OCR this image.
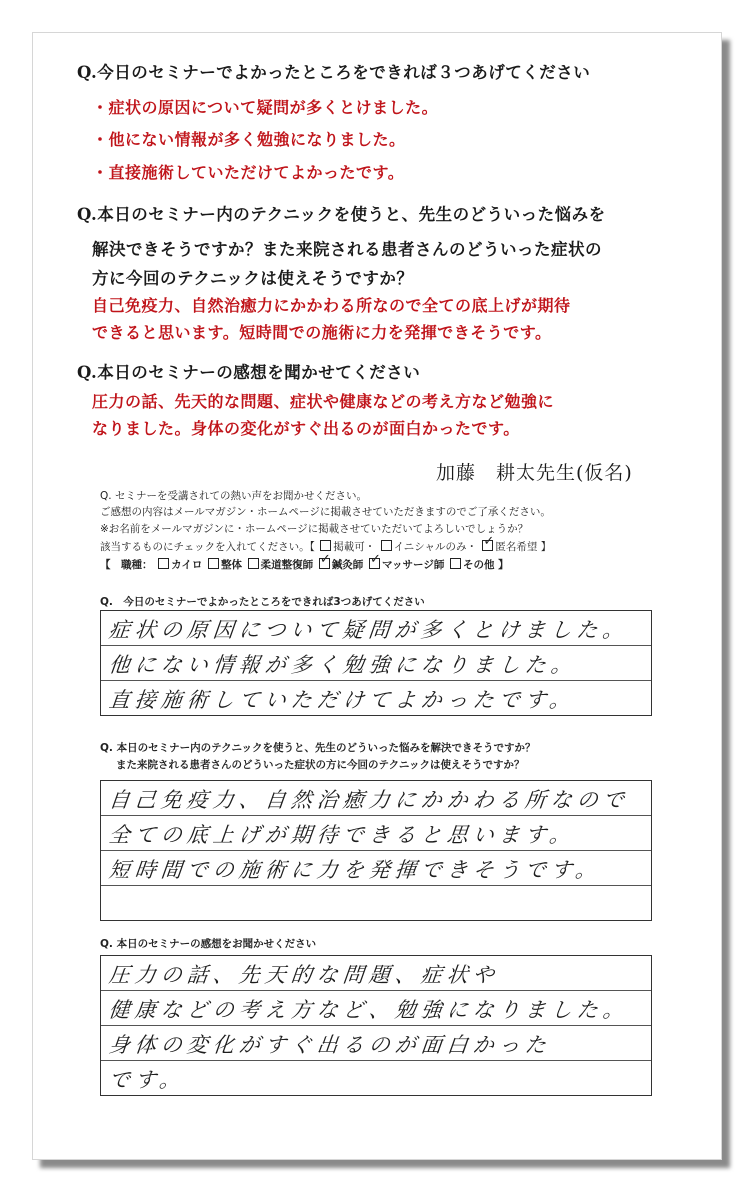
Q.今日のセミナーでよかったところをできれば３つあげてください
・症状の原因について疑問が多くとけました。
・他にない情報が多く勉強になりました。
・直接施術していただけてよかったです。
Q.本日のセミナー内のテクニックを使うと、先生のどういった悩みを
解決できそうですか？また来院される患者さんのどういった症状の
方に今回のテクニックは使えそうですか？
自己免疫力、自然治癒力にかかわる所なので全ての底上げが期待
できると思います。短時間での施術に力を発揮できそうです。
Q.本日のセミナーの感想を聞かせてください
圧力の話、先天的な問題、症状や健康などの考え方など勉強に
なりました。身体の変化がすぐ出るのが面白かったです。
加藤　耕太先生(仮名)
Q. セミナーを受講されての熱い声をお聞かせください。
ご感想の内容はメールマガジン・ホームページに掲載させていただきますのでご了承ください。
※お名前をメールマガジンに・ホームページに掲載させていただいてよろしいでしょうか？
該当するものにチェックを入れてください。【 掲載可・ イニシャルのみ・ ✓ 匿名希望 】
【　職種： カイロ 整体 柔道整復師 ✓ 鍼灸師 ✓ マッサージ師 その他 】
Q.　今日のセミナーでよかったところをできれば3つあげてください
症状の原因について疑問が多くとけました。
他にない情報が多く勉強になりました。
直接施術していただけてよかったです。
Q. 本日のセミナー内のテクニックを使うと、先生のどういった悩みを解決できそうですか？
また来院される患者さんのどういった症状の方に今回のテクニックは使えそうですか？
自己免疫力、自然治癒力にかかわる所なので
全ての底上げが期待できると思います。
短時間での施術に力を発揮できそうです。
Q. 本日のセミナーの感想をお聞かせください
圧力の話、先天的な問題、症状や
健康などの考え方など、勉強になりました。
身体の変化がすぐ出るのが面白かった
です。
